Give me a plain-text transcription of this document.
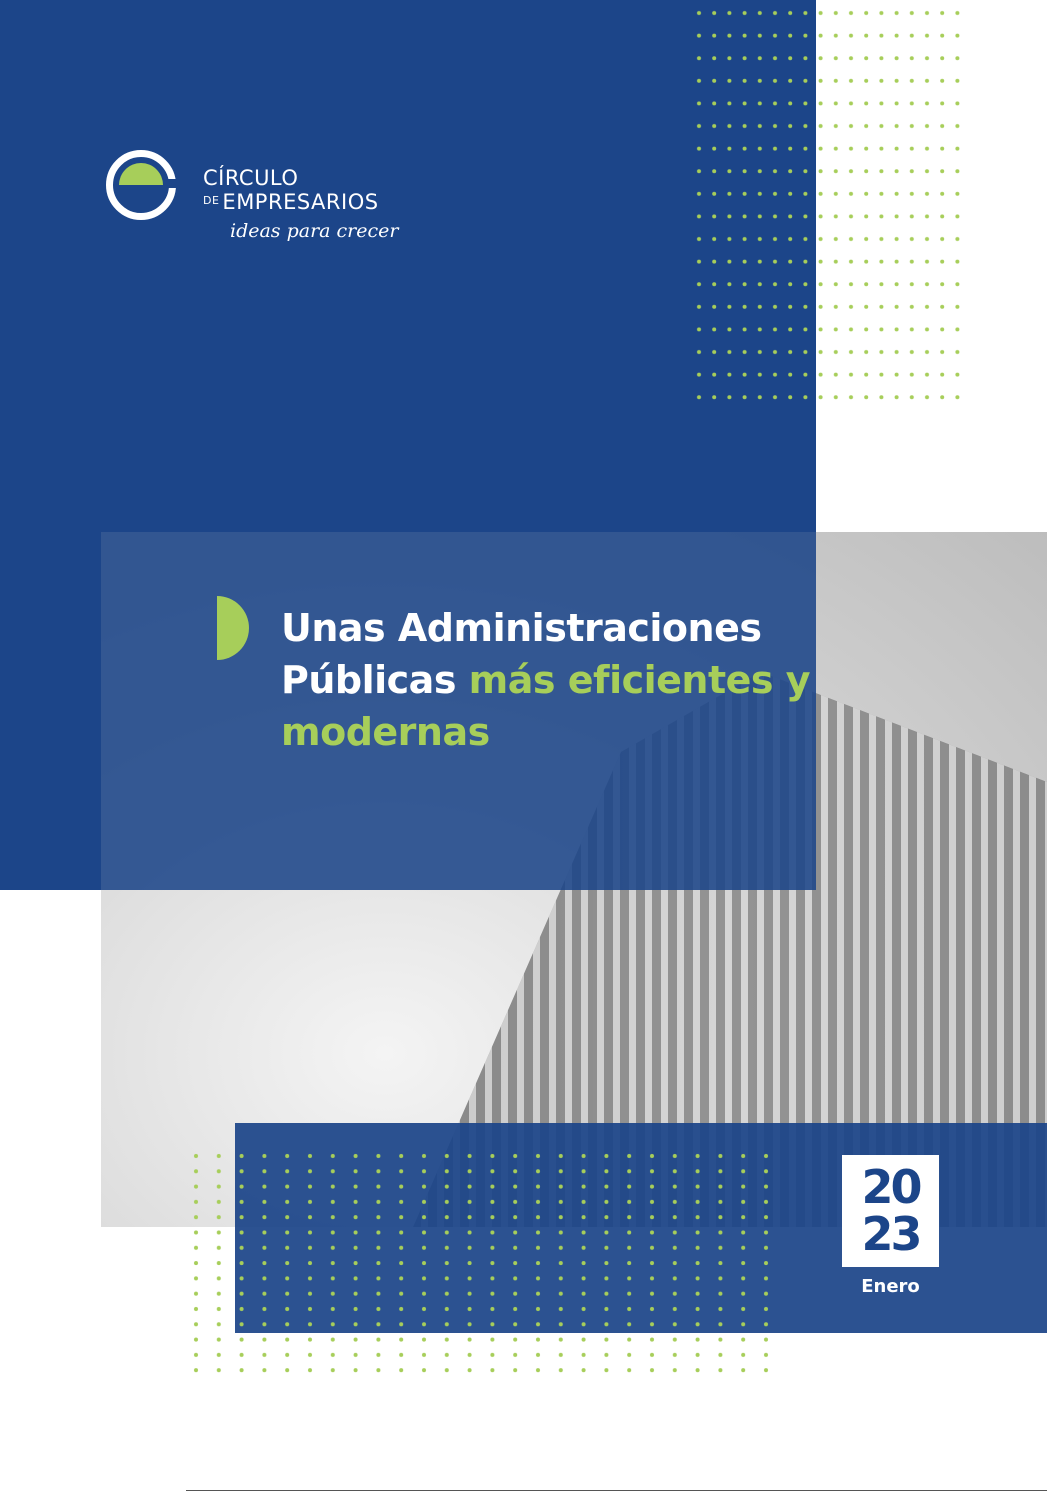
CÍRCULO
$^{DE}$ EMPRESARIOS
ideas para crecer
Unas Administraciones Públicas más eficientes y modernas
20
23
Enero
